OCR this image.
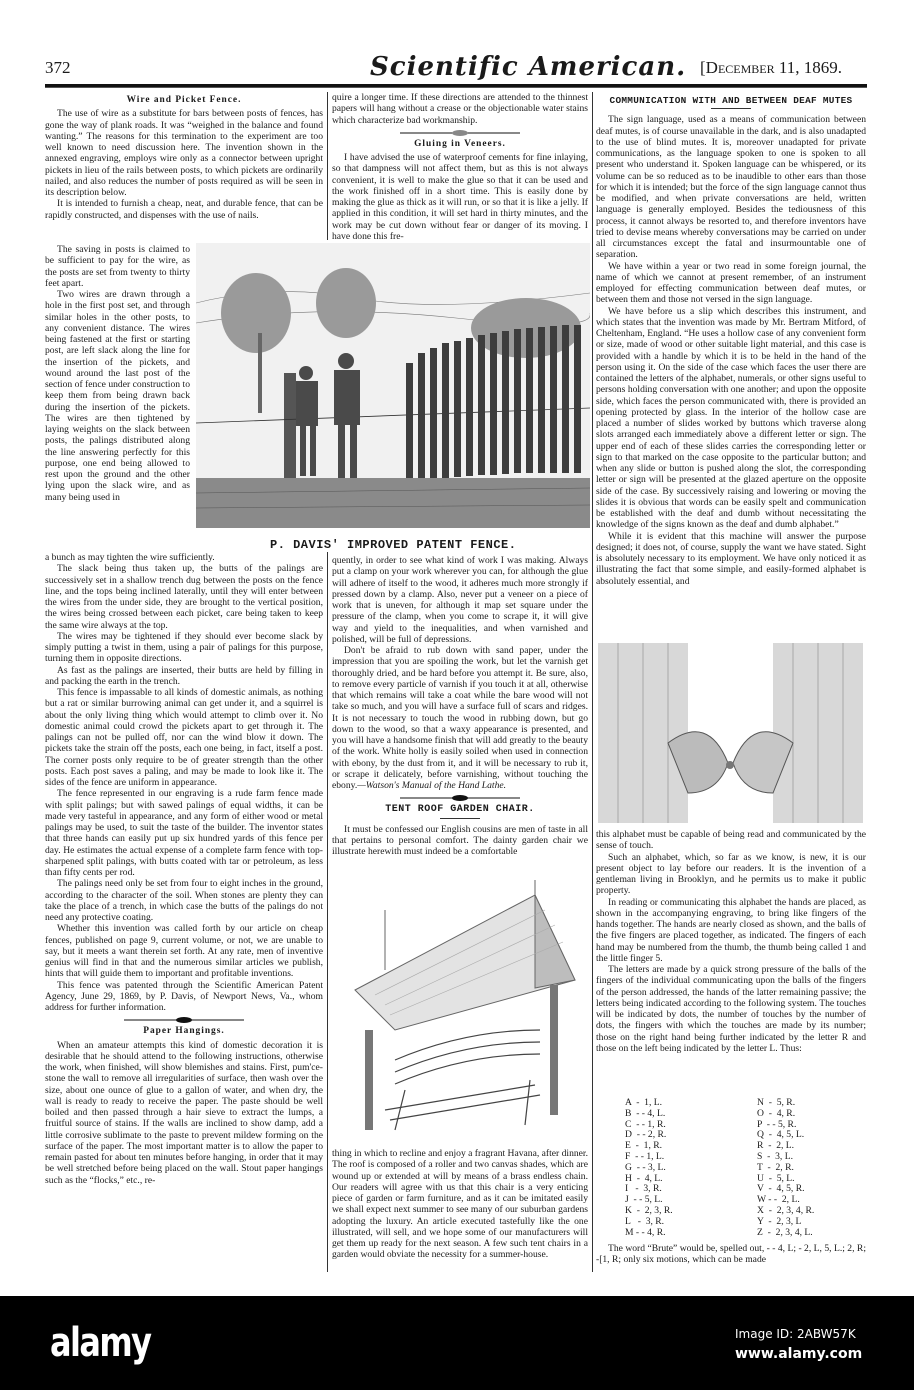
372	Scientific American. [December 11, 1869.
Wire and Picket Fence.

The use of wire as a substitute for bars between posts of fences, has gone the way of plank roads. It was “weighed in the balance and found wanting.” The reasons for this termination to the experiment are too well known to need discussion here. The invention shown in the annexed engraving, employs wire only as a connector between upright pickets in lieu of the rails between posts, to which pickets are ordinarily nailed, and also reduces the number of posts required as will be seen in its description below.

It is intended to furnish a cheap, neat, and durable fence, that can be rapidly constructed, and dispenses with the use of nails.

The saving in posts is claimed to be sufficient to pay for the wire, as the posts are set from twenty to thirty feet apart.

Two wires are drawn through a hole in the first post set, and through similar holes in the other posts, to any convenient distance. The wires being fastened at the first or starting post, are left slack along the line for the insertion of the pickets, and wound around the last post of the section of fence under construction to keep them from being drawn back during the insertion of the pickets. The wires are then tightened by laying weights on the slack between posts, the palings distributed along the line answering perfectly for this purpose, one end being allowed to rest upon the ground and the other lying upon the slack wire, and as many being used in

P. DAVIS' IMPROVED PATENT FENCE.

a bunch as may tighten the wire sufficiently.

The slack being thus taken up, the butts of the palings are successively set in a shallow trench dug between the posts on the fence line, and the tops being inclined laterally, until they will enter between the wires from the under side, they are brought to the vertical position, the wires being crossed between each picket, care being taken to keep the same wire always at the top.

The wires may be tightened if they should ever become slack by simply putting a twist in them, using a pair of palings for this purpose, turning them in opposite directions.

As fast as the palings are inserted, their butts are held by filling in and packing the earth in the trench.

This fence is impassable to all kinds of domestic animals, as nothing but a rat or similar burrowing animal can get under it, and a squirrel is about the only living thing which would attempt to climb over it. No domestic animal could crowd the pickets apart to get through it. The palings can not be pulled off, nor can the wind blow it down. The pickets take the strain off the posts, each one being, in fact, itself a post. The corner posts only require to be of greater strength than the other posts. Each post saves a paling, and may be made to look like it. The sides of the fence are uniform in appearance.

The fence represented in our engraving is a rude farm fence made with split palings; but with sawed palings of equal widths, it can be made very tasteful in appearance, and any form of either wood or metal palings may be used, to suit the taste of the builder. The inventor states that three hands can easily put up six hundred yards of this fence per day. He estimates the actual expense of a complete farm fence with top-sharpened split palings, with butts coated with tar or petroleum, as less than fifty cents per rod.

The palings need only be set from four to eight inches in the ground, according to the character of the soil. When stones are plenty they can take the place of a trench, in which case the butts of the palings do not need any protective coating.

Whether this invention was called forth by our article on cheap fences, published on page 9, current volume, or not, we are unable to say, but it meets a want therein set forth. At any rate, men of inventive genius will find in that and the numerous similar articles we publish, hints that will guide them to important and profitable inventions.

This fence was patented through the Scientific American Patent Agency, June 29, 1869, by P. Davis, of Newport News, Va., whom address for further information.

Paper Hangings.

When an amateur attempts this kind of domestic decoration it is desirable that he should attend to the following instructions, otherwise the work, when finished, will show blemishes and stains. First, pum'ce-stone the wall to remove all irregularities of surface, then wash over the size, about one ounce of glue to a gallon of water, and when dry, the wall is ready to ready to receive the paper. The paste should be well boiled and then passed through a hair sieve to extract the lumps, a fruitful source of stains. If the walls are inclined to show damp, add a little corrosive sublimate to the paste to prevent mildew forming on the surface of the paper. The most important matter is to allow the paper to remain pasted for about ten minutes before hanging, in order that it may be well stretched before being placed on the wall. Stout paper hangings such as the “flocks,” etc., re-

quire a longer time. If these directions are attended to the thinnest papers will hang without a crease or the objectionable water stains which characterize bad workmanship.

Gluing in Veneers.

I have advised the use of waterproof cements for fine inlaying, so that dampness will not affect them, but as this is not always convenient, it is well to make the glue so that it can be used and the work finished off in a short time. This is easily done by making the glue as thick as it will run, or so that it is like a jelly. If applied in this condition, it will set hard in thirty minutes, and the work may be cut down without fear or danger of its moving. I have done this fre-

quently, in order to see what kind of work I was making. Always put a clamp on your work wherever you can, for although the glue will adhere of itself to the wood, it adheres much more strongly if pressed down by a clamp. Also, never put a veneer on a piece of work that is uneven, for although it map set square under the pressure of the clamp, when you come to scrape it, it will give way and yield to the inequalities, and when varnished and polished, will be full of depressions.

Don't be afraid to rub down with sand paper, under the impression that you are spoiling the work, but let the varnish get thoroughly dried, and be hard before you attempt it. Be sure, also, to remove every particle of varnish if you touch it at all, otherwise that which remains will take a coat while the bare wood will not take so much, and you will have a surface full of scars and ridges. It is not necessary to touch the wood in rubbing down, but go down to the wood, so that a waxy appearance is presented, and you will have a handsome finish that will add greatly to the beauty of the work. White holly is easily soiled when used in connection with ebony, by the dust from it, and it will be necessary to rub it, or scrape it delicately, before varnishing, without touching the ebony.—Watson's Manual of the Hand Lathe.

TENT ROOF GARDEN CHAIR.

It must be confessed our English cousins are men of taste in all that pertains to personal comfort. The dainty garden chair we illustrate herewith must indeed be a comfortable

thing in which to recline and enjoy a fragrant Havana, after dinner. The roof is composed of a roller and two canvas shades, which are wound up or extended at will by means of a brass endless chain. Our readers will agree with us that this chair is a very enticing piece of garden or farm furniture, and as it can be imitated easily we shall expect next summer to see many of our suburban gardens adopting the luxury. An article executed tastefully like the one illustrated, will sell, and we hope some of our manufacturers will get them up ready for the next season. A few such tent chairs in a garden would obviate the necessity for a summer-house.

COMMUNICATION WITH AND BETWEEN DEAF MUTES

The sign language, used as a means of communication between deaf mutes, is of course unavailable in the dark, and is also unadapted to the use of blind mutes. It is, moreover unadapted for private communications, as the language spoken to one is spoken to all present who understand it. Spoken language can be whispered, or its volume can be so reduced as to be inaudible to other ears than those for which it is intended; but the force of the sign language cannot thus be modified, and when private conversations are held, written language is generally employed. Besides the tediousness of this process, it cannot always be resorted to, and therefore inventors have tried to devise means whereby conversations may be carried on under all circumstances except the fatal and insurmountable one of separation.

We have within a year or two read in some foreign journal, the name of which we cannot at present remember, of an instrument employed for effecting communication between deaf mutes, or between them and those not versed in the sign language.

We have before us a slip which describes this instrument, and which states that the invention was made by Mr. Bertram Mitford, of Cheltenham, England. “He uses a hollow case of any convenient form or size, made of wood or other suitable light material, and this case is provided with a handle by which it is to be held in the hand of the person using it. On the side of the case which faces the user there are contained the letters of the alphabet, numerals, or other signs useful to persons holding conversation with one another; and upon the opposite side, which faces the person communicated with, there is provided an opening protected by glass. In the interior of the hollow case are placed a number of slides worked by buttons which traverse along slots arranged each immediately above a different letter or sign. The upper end of each of these slides carries the corresponding letter or sign to that marked on the case opposite to the particular button; and when any slide or button is pushed along the slot, the corresponding letter or sign will be presented at the glazed aperture on the opposite side of the case. By successively raising and lowering or moving the slides it is obvious that words can be easily spelt and communication be established with the deaf and dumb without necessitating the knowledge of the signs known as the deaf and dumb alphabet.”

While it is evident that this machine will answer the purpose designed; it does not, of course, supply the want we have stated. Sight is absolutely necessary to its employment. We have only noticed it as illustrating the fact that some simple, and easily-formed alphabet is absolutely essential, and

this alphabet must be capable of being read and communicated by the sense of touch.

Such an alphabet, which, so far as we know, is new, it is our present object to lay before our readers. It is the invention of a gentleman living in Brooklyn, and he permits us to make it public property.

In reading or communicating this alphabet the hands are placed, as shown in the accompanying engraving, to bring like fingers of the hands together. The hands are nearly closed as shown, and the balls of the five fingers are placed together, as indicated. The fingers of each hand may be numbered from the thumb, the thumb being called 1 and the little finger 5.

The letters are made by a quick strong pressure of the balls of the fingers of the individual communicating upon the balls of the fingers of the person addressed, the hands of the latter remaining passive; the letters being indicated according to the following system. The touches will be indicated by dots, the number of touches by the number of dots, the fingers with which the touches are made by its number; those on the right hand being further indicated by the letter R and those on the left being indicated by the letter L. Thus:

A  -  1, L.
B  - - 4, L.
C  - - 1, R.
D  - - 2, R.
E  -  1, R.
F  - - 1, L.
G  - - 3, L.
H  -  4, L.
I   -  3, R.
J  - - 5, L.
K  -  2, 3, R.
L   -  3, R.
M - - 4, R.
N  -  5, R.
O  -  4, R.
P  - - 5, R.
Q  -  4, 5, L.
R  -  2, L.
S  -  3, L.
T  -  2, R.
U  -  5, L.
V  -  4, 5, R.
W - -  2, L.
X  -  2, 3, 4, R.
Y  -  2, 3, L
Z  -  2, 3, 4, L.

The word “Brute” would be, spelled out, - - 4, L; - 2, L, 5, L.; 2, R; -[1, R; only six motions, which can be made

alamy	Image ID: 2ABW57K
www.alamy.com
